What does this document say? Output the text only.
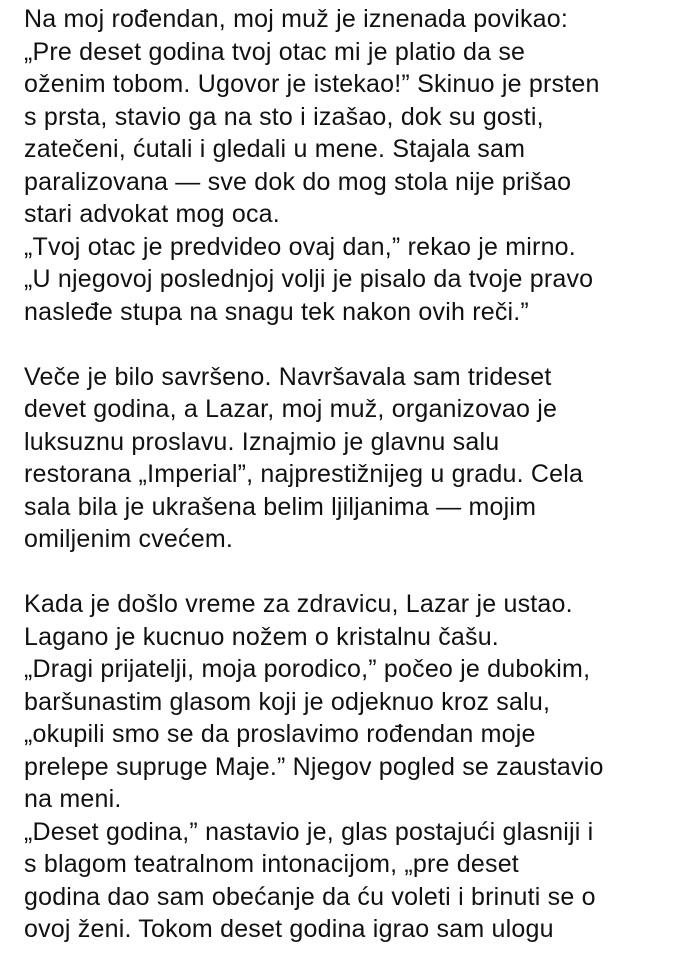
Na moj rođendan, moj muž je iznenada povikao:
„Pre deset godina tvoj otac mi je platio da se
oženim tobom. Ugovor je istekao!” Skinuo je prsten
s prsta, stavio ga na sto i izašao, dok su gosti,
zatečeni, ćutali i gledali u mene. Stajala sam
paralizovana — sve dok do mog stola nije prišao
stari advokat mog oca.
„Tvoj otac je predvideo ovaj dan,” rekao je mirno.
„U njegovoj poslednjoj volji je pisalo da tvoje pravo
nasleđe stupa na snagu tek nakon ovih reči.”
Veče je bilo savršeno. Navršavala sam trideset
devet godina, a Lazar, moj muž, organizovao je
luksuznu proslavu. Iznajmio je glavnu salu
restorana „Imperial”, najprestižnijeg u gradu. Cela
sala bila je ukrašena belim ljiljanima — mojim
omiljenim cvećem.
Kada je došlo vreme za zdravicu, Lazar je ustao.
Lagano je kucnuo nožem o kristalnu čašu.
„Dragi prijatelji, moja porodico,” počeo je dubokim,
baršunastim glasom koji je odjeknuo kroz salu,
„okupili smo se da proslavimo rođendan moje
prelepe supruge Maje.” Njegov pogled se zaustavio
na meni.
„Deset godina,” nastavio je, glas postajući glasniji i
s blagom teatralnom intonacijom, „pre deset
godina dao sam obećanje da ću voleti i brinuti se o
ovoj ženi. Tokom deset godina igrao sam ulogu
